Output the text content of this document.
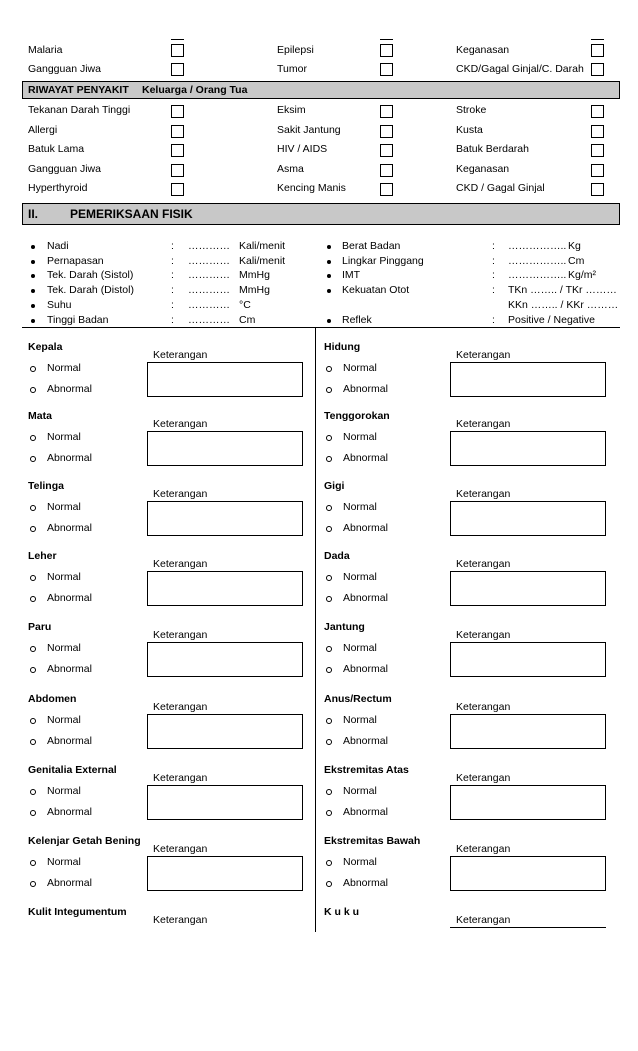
Malaria	Epilepsi	Keganasan
Gangguan Jiwa	Tumor	CKD/Gagal Ginjal/C. Darah
RIWAYAT PENYAKIT Keluarga / Orang Tua
Tekanan Darah Tinggi	Eksim	Stroke
Allergi	Sakit Jantung	Kusta
Batuk Lama	HIV / AIDS	Batuk Berdarah
Gangguan Jiwa	Asma	Keganasan
Hyperthyroid	Kencing Manis	CKD / Gagal Ginjal
II.	PEMERIKSAAN FISIK
Nadi	: ………… Kali/menit
Pernapasan	: ………… Kali/menit
Tek. Darah (Sistol)	: ………… MmHg
Tek. Darah (Distol)	: ………… MmHg
Suhu	: ………… °C
Tinggi Badan	: ………… Cm
Berat Badan	: …………….. Kg
Lingkar Pinggang	: …………….. Cm
IMT	: …………….. Kg/m²
Kekuatan Otot	: TKn …….. / TKr ………
KKn …….. / KKr ………
Reflek	: Positive / Negative
Kepala
Keterangan
Normal
Abnormal
Hidung
Keterangan
Normal
Abnormal
Mata
Keterangan
Normal
Abnormal
Tenggorokan
Keterangan
Normal
Abnormal
Telinga
Keterangan
Normal
Abnormal
Gigi
Keterangan
Normal
Abnormal
Leher
Keterangan
Normal
Abnormal
Dada
Keterangan
Normal
Abnormal
Paru
Keterangan
Normal
Abnormal
Jantung
Keterangan
Normal
Abnormal
Abdomen
Keterangan
Normal
Abnormal
Anus/Rectum
Keterangan
Normal
Abnormal
Genitalia External
Keterangan
Normal
Abnormal
Ekstremitas Atas
Keterangan
Normal
Abnormal
Kelenjar Getah Bening
Keterangan
Normal
Abnormal
Ekstremitas Bawah
Keterangan
Normal
Abnormal
Kulit Integumentum
Keterangan
K u k u
Keterangan
